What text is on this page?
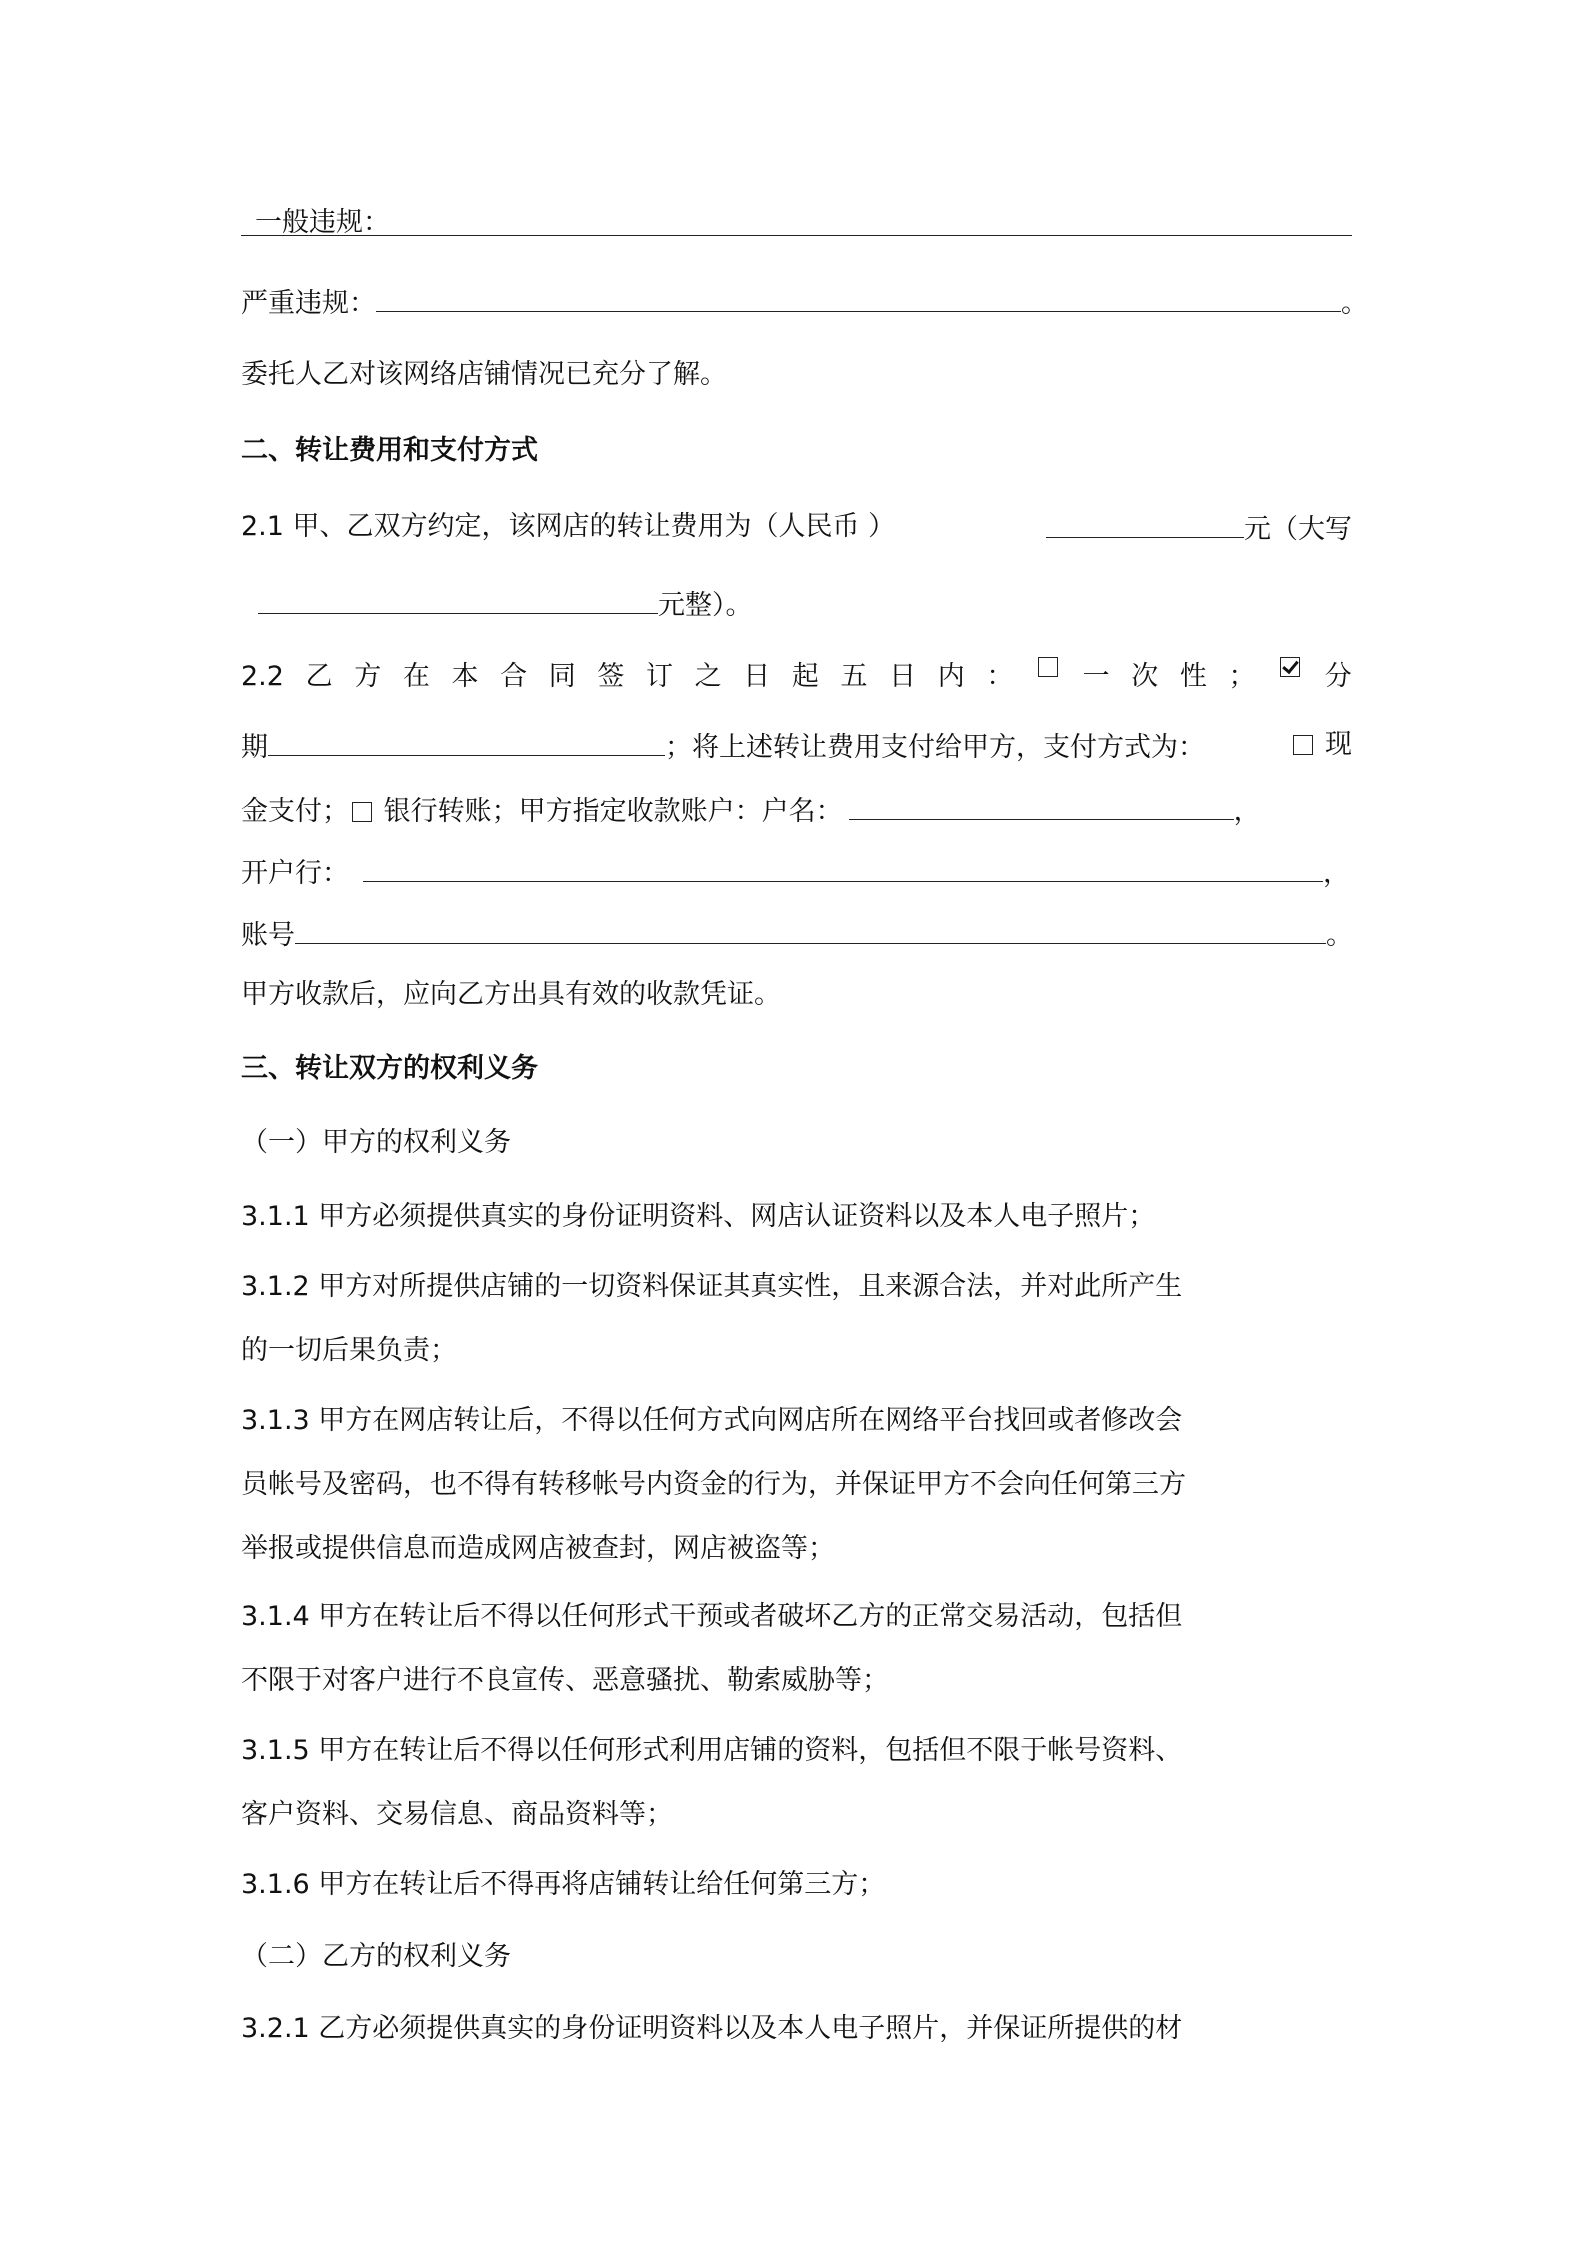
一般违规：
严重违规：	。
委托人乙对该网络店铺情况已充分了解。
二、转让费用和支付方式
2.1 甲、乙双方约定，该网店的转让费用为（人民币 ）	元（大写
元整）。
2.2 乙 方 在 本 合 同 签 订 之 日 起 五 日 内 ：	一 次 性 ；	分
期	；将上述转让费用支付给甲方，支付方式为：	现
金支付； 银行转账；甲方指定收款账户：户名：	，
开户行：	，
账号	。
甲方收款后，应向乙方出具有效的收款凭证。
三、转让双方的权利义务
（一）甲方的权利义务
3.1.1 甲方必须提供真实的身份证明资料、网店认证资料以及本人电子照片；
3.1.2 甲方对所提供店铺的一切资料保证其真实性，且来源合法，并对此所产生
的一切后果负责；
3.1.3 甲方在网店转让后，不得以任何方式向网店所在网络平台找回或者修改会
员帐号及密码，也不得有转移帐号内资金的行为，并保证甲方不会向任何第三方
举报或提供信息而造成网店被查封，网店被盗等；
3.1.4 甲方在转让后不得以任何形式干预或者破坏乙方的正常交易活动，包括但
不限于对客户进行不良宣传、恶意骚扰、勒索威胁等；
3.1.5 甲方在转让后不得以任何形式利用店铺的资料，包括但不限于帐号资料、
客户资料、交易信息、商品资料等；
3.1.6 甲方在转让后不得再将店铺转让给任何第三方；
（二）乙方的权利义务
3.2.1 乙方必须提供真实的身份证明资料以及本人电子照片，并保证所提供的材
